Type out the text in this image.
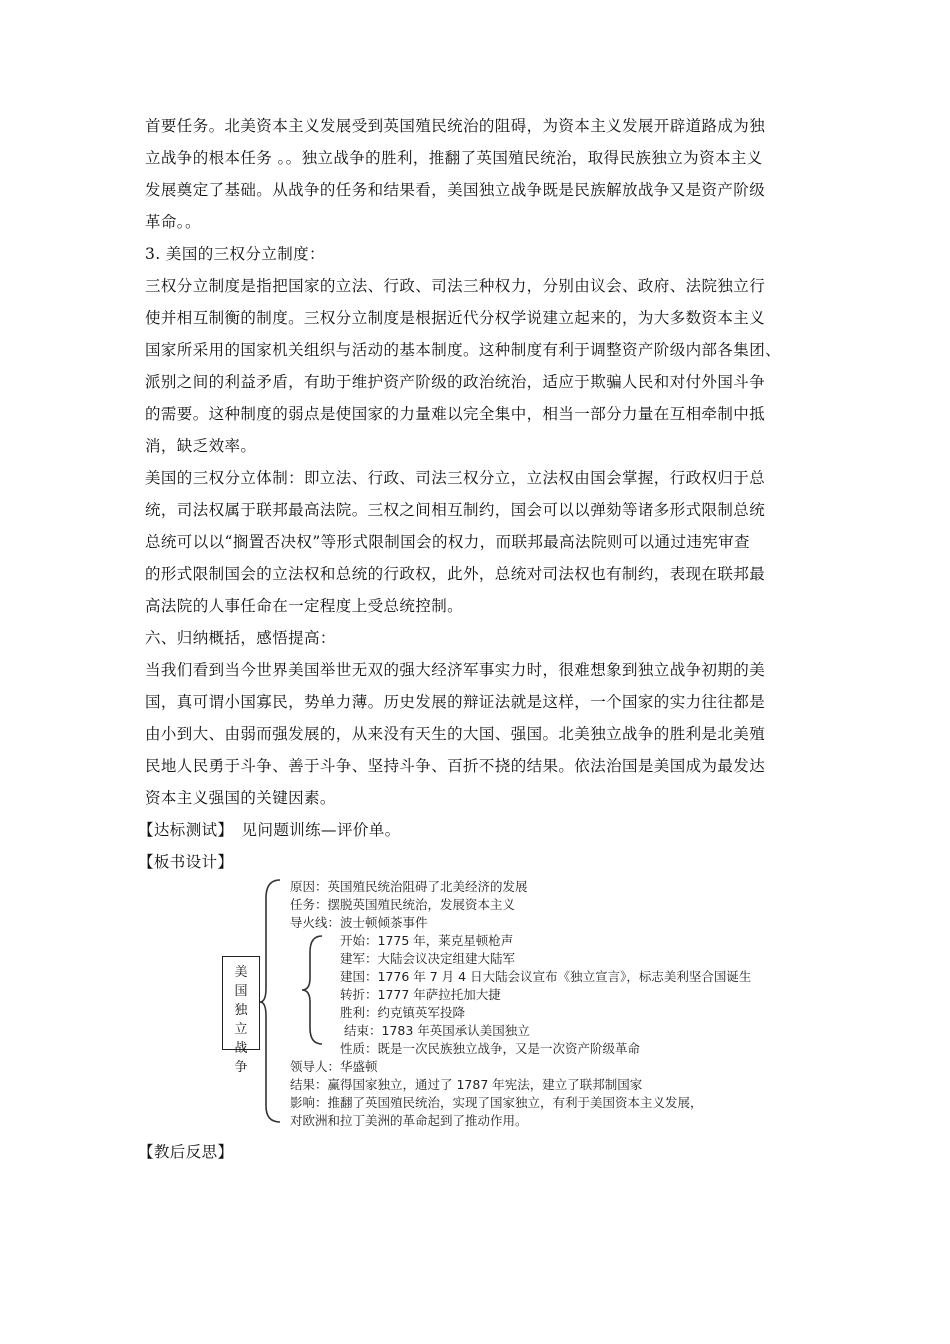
首要任务。北美资本主义发展受到英国殖民统治的阻碍，为资本主义发展开辟道路成为独
立战争的根本任务 。。独立战争的胜利，推翻了英国殖民统治，取得民族独立为资本主义
发展奠定了基础。从战争的任务和结果看，美国独立战争既是民族解放战争又是资产阶级
革命。。
3. 美国的三权分立制度：
三权分立制度是指把国家的立法、行政、司法三种权力，分别由议会、政府、法院独立行
使并相互制衡的制度。三权分立制度是根据近代分权学说建立起来的，为大多数资本主义
国家所采用的国家机关组织与活动的基本制度。这种制度有利于调整资产阶级内部各集团、
派别之间的利益矛盾，有助于维护资产阶级的政治统治，适应于欺骗人民和对付外国斗争
的需要。这种制度的弱点是使国家的力量难以完全集中，相当一部分力量在互相牵制中抵
消，缺乏效率。
美国的三权分立体制：即立法、行政、司法三权分立，立法权由国会掌握，行政权归于总
统，司法权属于联邦最高法院。三权之间相互制约，国会可以以弹劾等诸多形式限制总统
总统可以以“搁置否决权”等形式限制国会的权力，而联邦最高法院则可以通过违宪审查
的形式限制国会的立法权和总统的行政权，此外，总统对司法权也有制约，表现在联邦最
高法院的人事任命在一定程度上受总统控制。
六、归纳概括，感悟提高：
当我们看到当今世界美国举世无双的强大经济军事实力时，很难想象到独立战争初期的美
国，真可谓小国寡民，势单力薄。历史发展的辩证法就是这样，一个国家的实力往往都是
由小到大、由弱而强发展的，从来没有天生的大国、强国。北美独立战争的胜利是北美殖
民地人民勇于斗争、善于斗争、坚持斗争、百折不挠的结果。依法治国是美国成为最发达
资本主义强国的关键因素。
【达标测试】　见问题训练—评价单。
【板书设计】
【教后反思】
美
国
独
立
战
争
原因：英国殖民统治阻碍了北美经济的发展
任务：摆脱英国殖民统治，发展资本主义
导火线：波士顿倾茶事件
开始：1775 年，莱克星顿枪声
建军：大陆会议决定组建大陆军
建国：1776 年 7 月 4 日大陆会议宣布《独立宣言》，标志美利坚合国诞生
转折：1777 年萨拉托加大捷
胜利：约克镇英军投降
结束：1783 年英国承认美国独立
性质：既是一次民族独立战争，又是一次资产阶级革命
领导人：华盛顿
结果：赢得国家独立，通过了 1787 年宪法，建立了联邦制国家
影响：推翻了英国殖民统治，实现了国家独立，有利于美国资本主义发展，
对欧洲和拉丁美洲的革命起到了推动作用。
